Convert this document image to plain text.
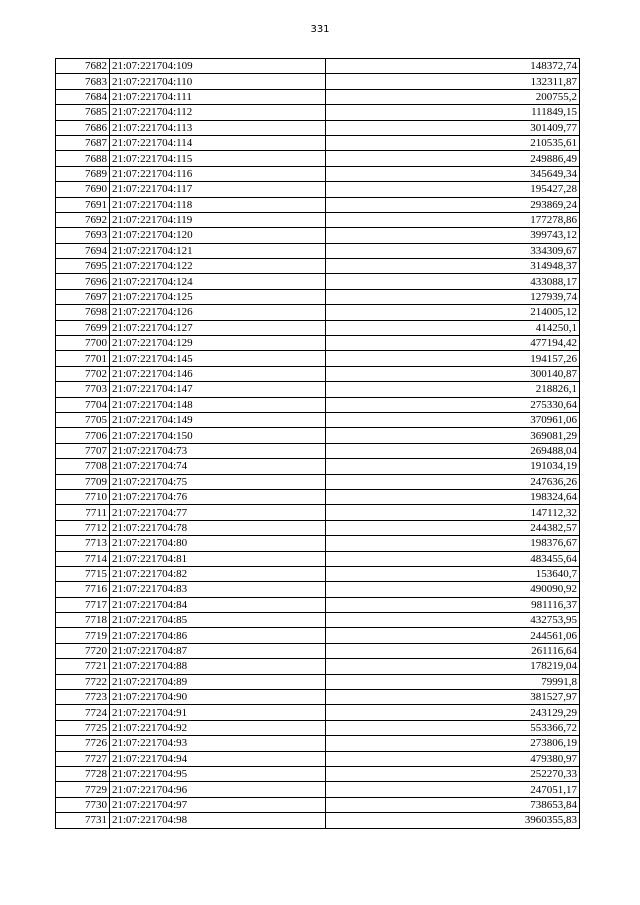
331
7682	21:07:221704:109	148372,74
7683	21:07:221704:110	132311,87
7684	21:07:221704:111	200755,2
7685	21:07:221704:112	111849,15
7686	21:07:221704:113	301409,77
7687	21:07:221704:114	210535,61
7688	21:07:221704:115	249886,49
7689	21:07:221704:116	345649,34
7690	21:07:221704:117	195427,28
7691	21:07:221704:118	293869,24
7692	21:07:221704:119	177278,86
7693	21:07:221704:120	399743,12
7694	21:07:221704:121	334309,67
7695	21:07:221704:122	314948,37
7696	21:07:221704:124	433088,17
7697	21:07:221704:125	127939,74
7698	21:07:221704:126	214005,12
7699	21:07:221704:127	414250,1
7700	21:07:221704:129	477194,42
7701	21:07:221704:145	194157,26
7702	21:07:221704:146	300140,87
7703	21:07:221704:147	218826,1
7704	21:07:221704:148	275330,64
7705	21:07:221704:149	370961,06
7706	21:07:221704:150	369081,29
7707	21:07:221704:73	269488,04
7708	21:07:221704:74	191034,19
7709	21:07:221704:75	247636,26
7710	21:07:221704:76	198324,64
7711	21:07:221704:77	147112,32
7712	21:07:221704:78	244382,57
7713	21:07:221704:80	198376,67
7714	21:07:221704:81	483455,64
7715	21:07:221704:82	153640,7
7716	21:07:221704:83	490090,92
7717	21:07:221704:84	981116,37
7718	21:07:221704:85	432753,95
7719	21:07:221704:86	244561,06
7720	21:07:221704:87	261116,64
7721	21:07:221704:88	178219,04
7722	21:07:221704:89	79991,8
7723	21:07:221704:90	381527,97
7724	21:07:221704:91	243129,29
7725	21:07:221704:92	553366,72
7726	21:07:221704:93	273806,19
7727	21:07:221704:94	479380,97
7728	21:07:221704:95	252270,33
7729	21:07:221704:96	247051,17
7730	21:07:221704:97	738653,84
7731	21:07:221704:98	3960355,83
